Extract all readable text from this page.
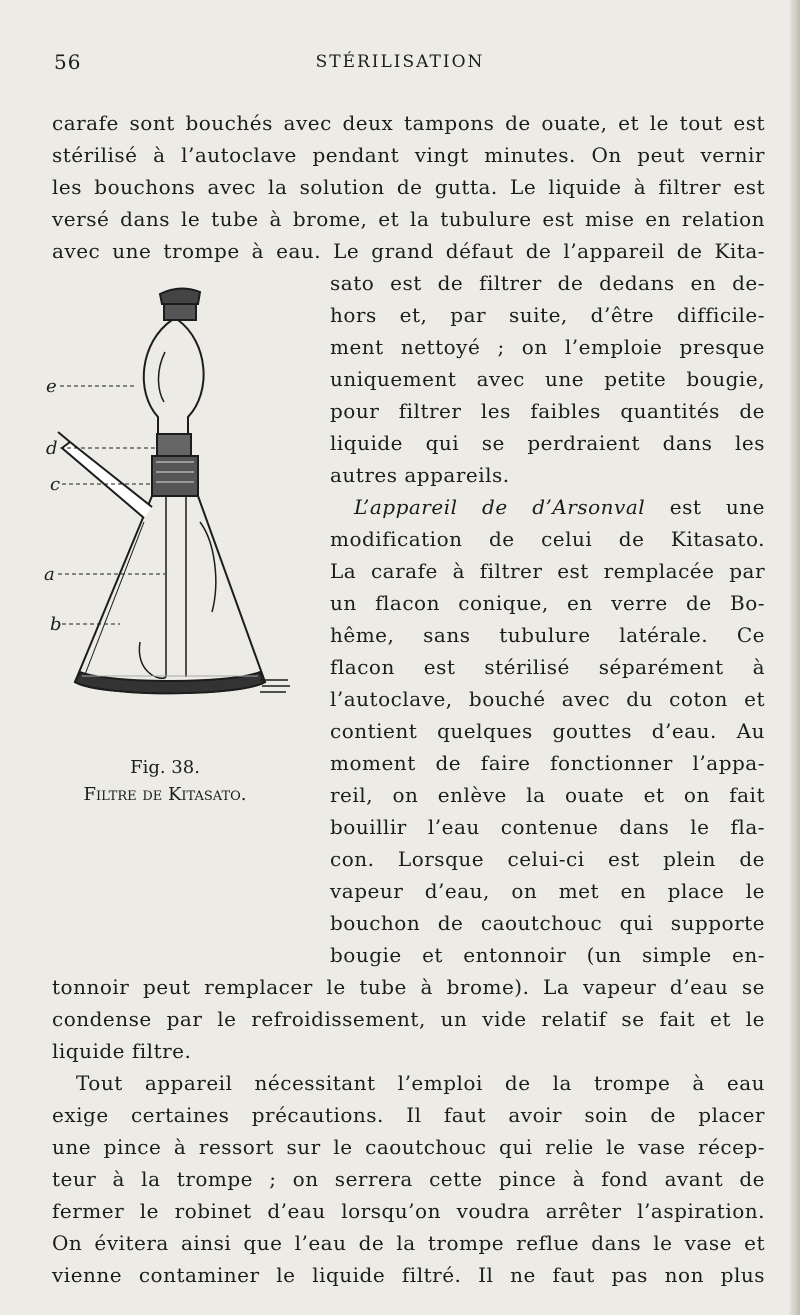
56	STÉRILISATION
carafe sont bouchés avec deux tampons de ouate, et le tout est
stérilisé à l’autoclave pendant vingt minutes. On peut vernir
les bouchons avec la solution de gutta. Le liquide à filtrer est
versé dans le tube à brome, et la tubulure est mise en relation
avec une trompe à eau. Le grand défaut de l’appareil de Kita-
sato est de filtrer de dedans en de-
hors et, par suite, d’être difficile-
ment nettoyé ; on l’emploie presque
uniquement avec une petite bougie,
pour filtrer les faibles quantités de
liquide qui se perdraient dans les
autres appareils.
L’appareil de d’Arsonval est une
modification de celui de Kitasato.
La carafe à filtrer est remplacée par
un flacon conique, en verre de Bo-
hême, sans tubulure latérale. Ce
flacon est stérilisé séparément à
l’autoclave, bouché avec du coton et
contient quelques gouttes d’eau. Au
moment de faire fonctionner l’appa-
reil, on enlève la ouate et on fait
bouillir l’eau contenue dans le fla-
con. Lorsque celui-ci est plein de
vapeur d’eau, on met en place le
bouchon de caoutchouc qui supporte
bougie et entonnoir (un simple en-
tonnoir peut remplacer le tube à brome). La vapeur d’eau se
condense par le refroidissement, un vide relatif se fait et le
liquide filtre.
Tout appareil nécessitant l’emploi de la trompe à eau
exige certaines précautions. Il faut avoir soin de placer
une pince à ressort sur le caoutchouc qui relie le vase récep-
teur à la trompe ; on serrera cette pince à fond avant de
fermer le robinet d’eau lorsqu’on voudra arrêter l’aspiration.
On évitera ainsi que l’eau de la trompe reflue dans le vase et
vienne contaminer le liquide filtré. Il ne faut pas non plus
e
d
c
a
b
Fig. 38.
Filtre de Kitasato.
